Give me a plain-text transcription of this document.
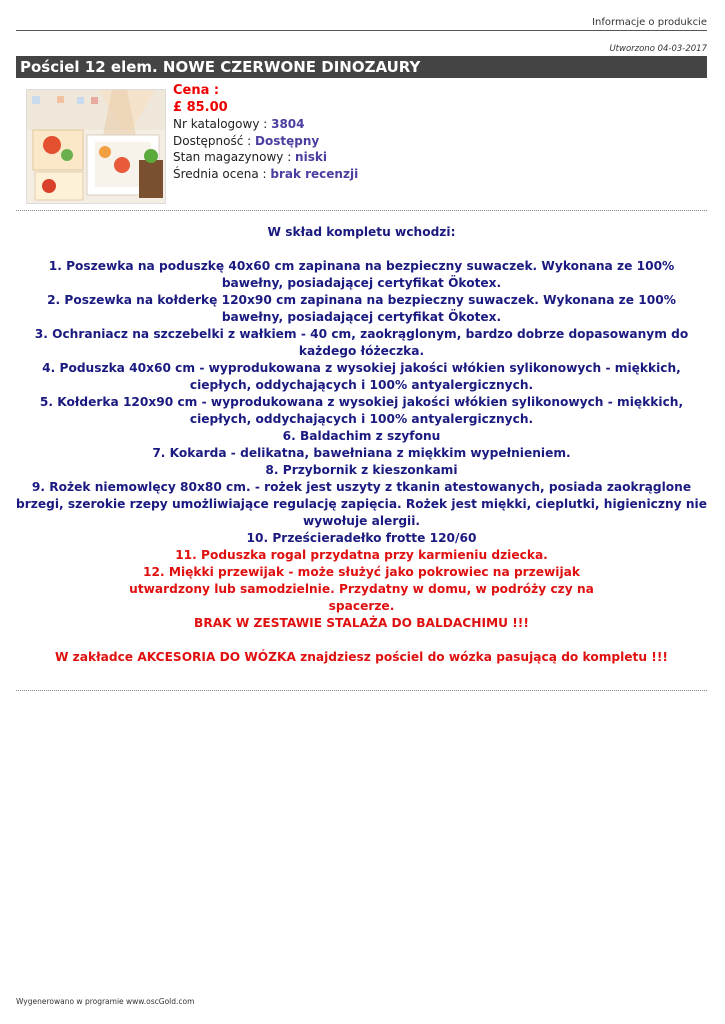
Informacje o produkcie
Utworzono 04-03-2017
Pościel 12 elem. NOWE CZERWONE DINOZAURY
Cena :
£ 85.00
Nr katalogowy : 3804
Dostępność : Dostępny
Stan magazynowy : niski
Średnia ocena : brak recenzji

W skład kompletu wchodzi:

1. Poszewka na poduszkę 40x60 cm zapinana na bezpieczny suwaczek. Wykonana ze 100% bawełny, posiadającej certyfikat Ökotex.

2. Poszewka na kołderkę 120x90 cm zapinana na bezpieczny suwaczek. Wykonana ze 100% bawełny, posiadającej certyfikat Ökotex.

3. Ochraniacz na szczebelki z wałkiem - 40 cm, zaokrąglonym, bardzo dobrze dopasowanym do każdego łóżeczka.

4. Poduszka 40x60 cm - wyprodukowana z wysokiej jakości włókien sylikonowych - miękkich, ciepłych, oddychających i 100% antyalergicznych.

5. Kołderka 120x90 cm - wyprodukowana z wysokiej jakości włókien sylikonowych - miękkich, ciepłych, oddychających i 100% antyalergicznych.

6. Baldachim z szyfonu

7. Kokarda - delikatna, bawełniana z miękkim wypełnieniem.

8. Przybornik z kieszonkami

9. Rożek niemowlęcy 80x80 cm. - rożek jest uszyty z tkanin atestowanych, posiada zaokrąglone brzegi, szerokie rzepy umożliwiające regulację zapięcia. Rożek jest miękki, cieplutki, higieniczny nie wywołuje alergii.

10. Prześcieradełko frotte 120/60

11. Poduszka rogal przydatna przy karmieniu dziecka.

12. Miękki przewijak - może służyć jako pokrowiec na przewijak utwardzony lub samodzielnie. Przydatny w domu, w podróży czy na spacerze.

BRAK W ZESTAWIE STALAŻA DO BALDACHIMU !!!

W zakładce AKCESORIA DO WÓZKA znajdziesz pościel do wózka pasującą do kompletu !!!

Wygenerowano w programie www.oscGold.com
